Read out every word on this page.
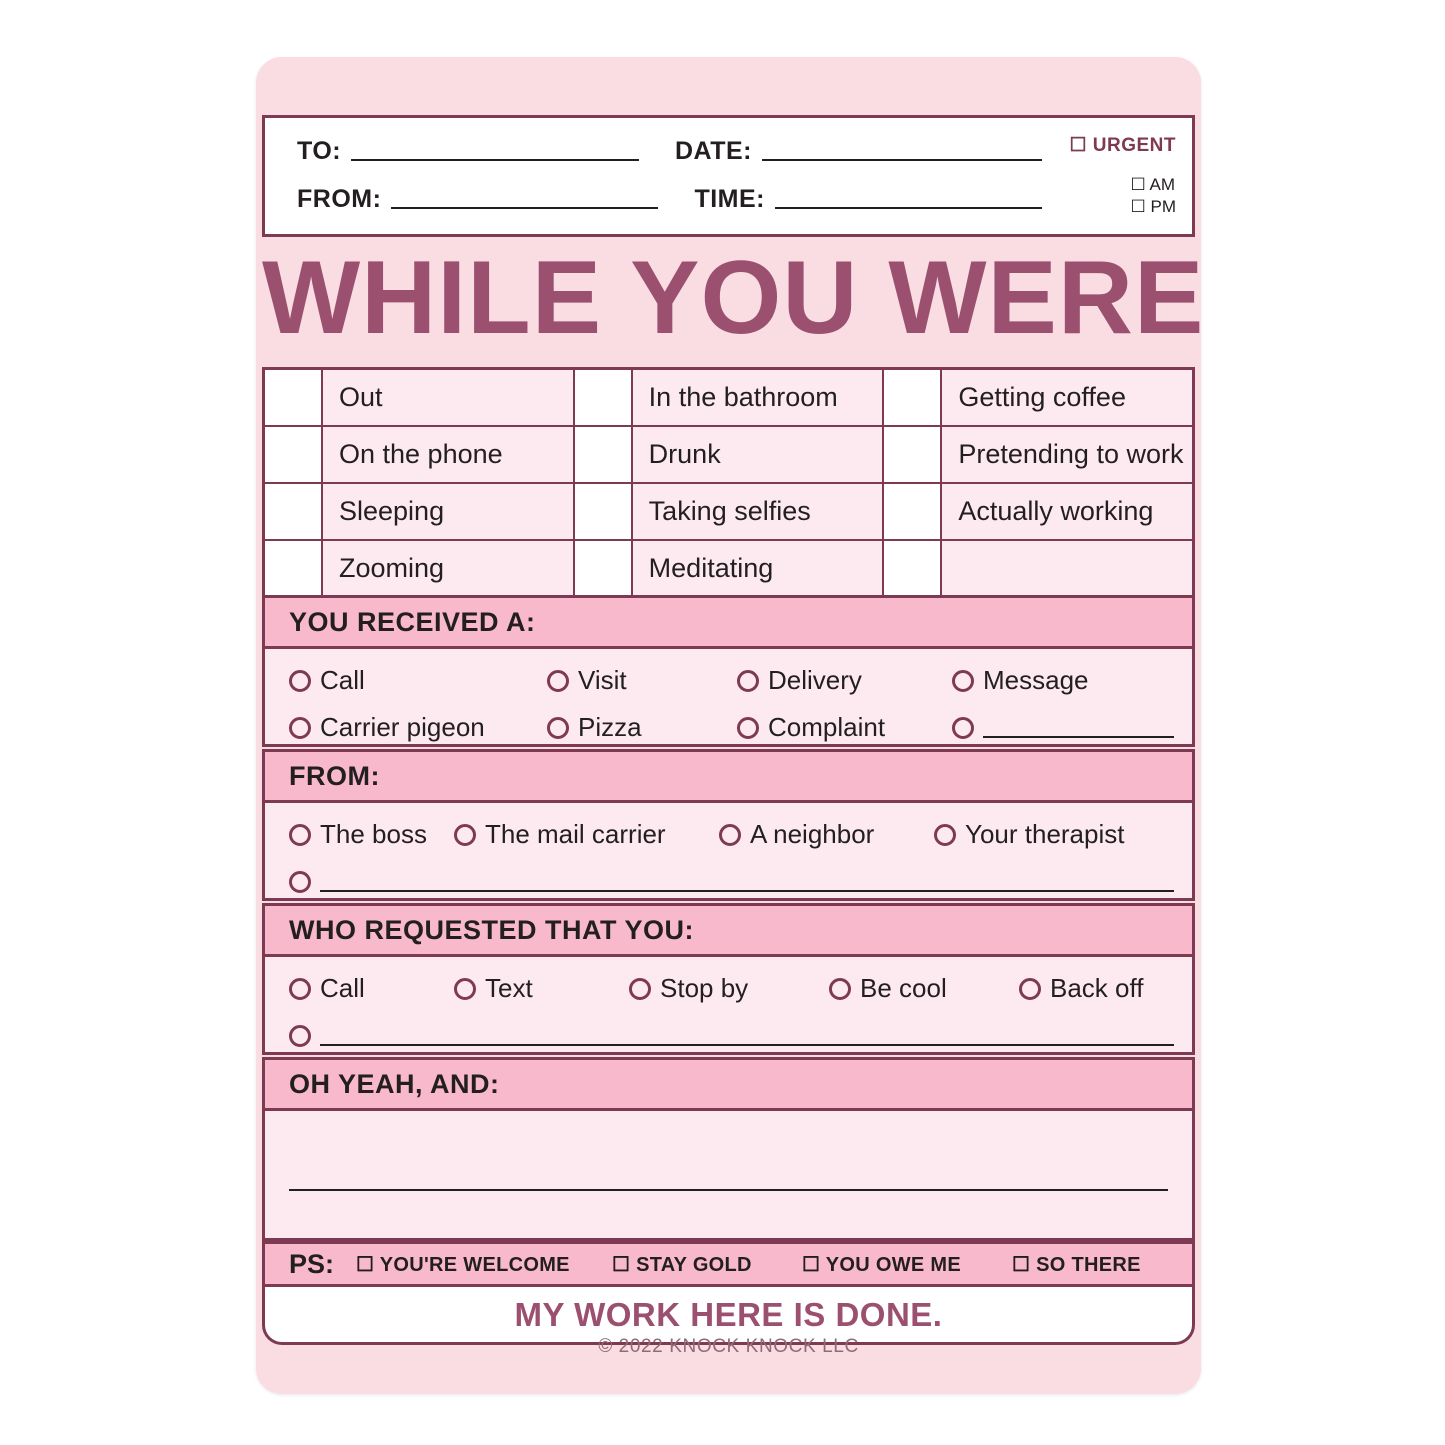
TO:	DATE:
FROM:	TIME:
☐ URGENT
☐ AM
☐ PM
WHILE YOU WERE
Out	In the bathroom	Getting coffee
On the phone	Drunk	Pretending to work
Sleeping	Taking selfies	Actually working
Zooming	Meditating
YOU RECEIVED A:
Call	Visit	Delivery	Message
Carrier pigeon	Pizza	Complaint
FROM:
The boss The mail carrier	A neighbor	Your therapist
WHO REQUESTED THAT YOU:
Call	Text	Stop by	Be cool	Back off
OH YEAH, AND:
PS: ☐ YOU'RE WELCOME	☐ STAY GOLD	☐ YOU OWE ME	☐ SO THERE
MY WORK HERE IS DONE.
© 2022 KNOCK KNOCK LLC
